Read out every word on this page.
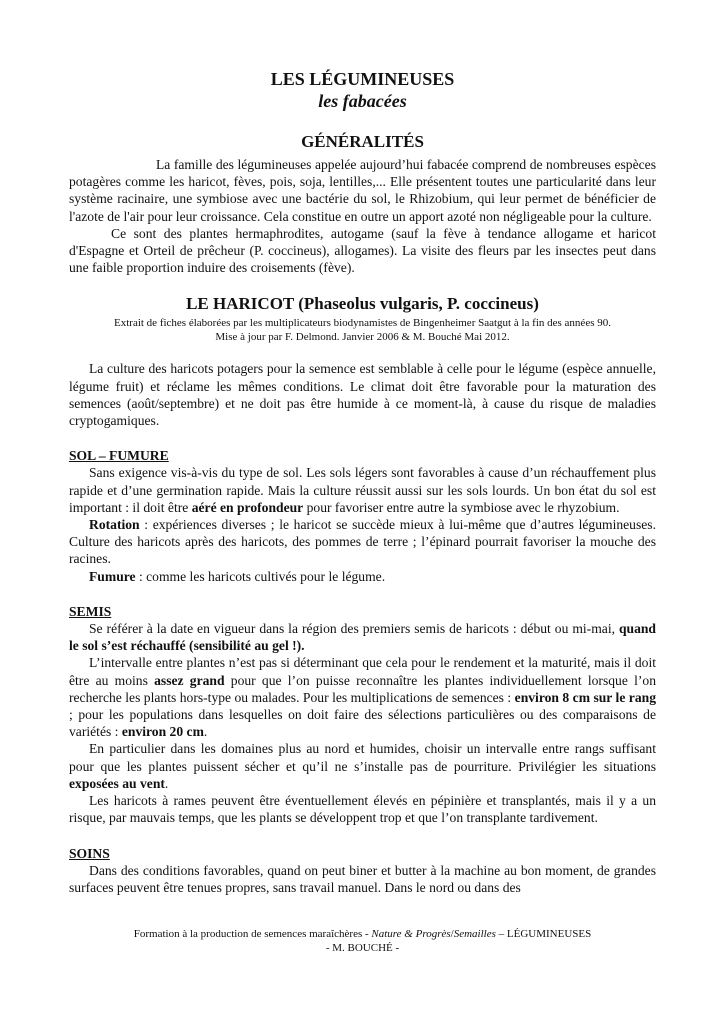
LES LÉGUMINEUSES
les fabacées
GÉNÉRALITÉS

La famille des légumineuses appelée aujourd’hui fabacée comprend de nombreuses espèces potagères comme les haricot, fèves, pois, soja, lentilles,... Elle présentent toutes une particularité dans leur système racinaire, une symbiose avec une bactérie du sol, le Rhizobium, qui leur permet de bénéficier de l'azote de l'air pour leur croissance. Cela constitue en outre un apport azoté non négligeable pour la culture.

Ce sont des plantes hermaphrodites, autogame (sauf la fève à tendance allogame et haricot d'Espagne et Orteil de prêcheur (P. coccineus), allogames). La visite des fleurs par les insectes peut dans une faible proportion induire des croisements (fève).

LE HARICOT (Phaseolus vulgaris, P. coccineus)

Extrait de fiches élaborées par les multiplicateurs biodynamistes de Bingenheimer Saatgut à la fin des années 90.

Mise à jour par F. Delmond. Janvier 2006 & M. Bouché Mai 2012.

La culture des haricots potagers pour la semence est semblable à celle pour le légume (espèce annuelle, légume fruit) et réclame les mêmes conditions. Le climat doit être favorable pour la maturation des semences (août/septembre) et ne doit pas être humide à ce moment-là, à cause du risque de maladies cryptogamiques.

SOL – FUMURE

Sans exigence vis-à-vis du type de sol. Les sols légers sont favorables à cause d’un réchauffement plus rapide et d’une germination rapide. Mais la culture réussit aussi sur les sols lourds. Un bon état du sol est important : il doit être aéré en profondeur pour favoriser entre autre la symbiose avec le rhyzobium.

Rotation : expériences diverses ; le haricot se succède mieux à lui-même que d’autres légumineuses. Culture des haricots après des haricots, des pommes de terre ; l’épinard pourrait favoriser la mouche des racines.

Fumure : comme les haricots cultivés pour le légume.

SEMIS

Se référer à la date en vigueur dans la région des premiers semis de haricots : début ou mi-mai, quand le sol s’est réchauffé (sensibilité au gel !).

L’intervalle entre plantes n’est pas si déterminant que cela pour le rendement et la maturité, mais il doit être au moins assez grand pour que l’on puisse reconnaître les plantes individuellement lorsque l’on recherche les plants hors-type ou malades. Pour les multiplications de semences : environ 8 cm sur le rang ; pour les populations dans lesquelles on doit faire des sélections particulières ou des comparaisons de variétés : environ 20 cm.

En particulier dans les domaines plus au nord et humides, choisir un intervalle entre rangs suffisant pour que les plantes puissent sécher et qu’il ne s’installe pas de pourriture. Privilégier les situations exposées au vent.

Les haricots à rames peuvent être éventuellement élevés en pépinière et transplantés, mais il y a un risque, par mauvais temps, que les plants se développent trop et que l’on transplante tardivement.

SOINS

Dans des conditions favorables, quand on peut biner et butter à la machine au bon moment, de grandes surfaces peuvent être tenues propres, sans travail manuel. Dans le nord ou dans des

Formation à la production de semences maraîchères - Nature & Progrès/Semailles – LÉGUMINEUSES
- M. BOUCHÉ -
